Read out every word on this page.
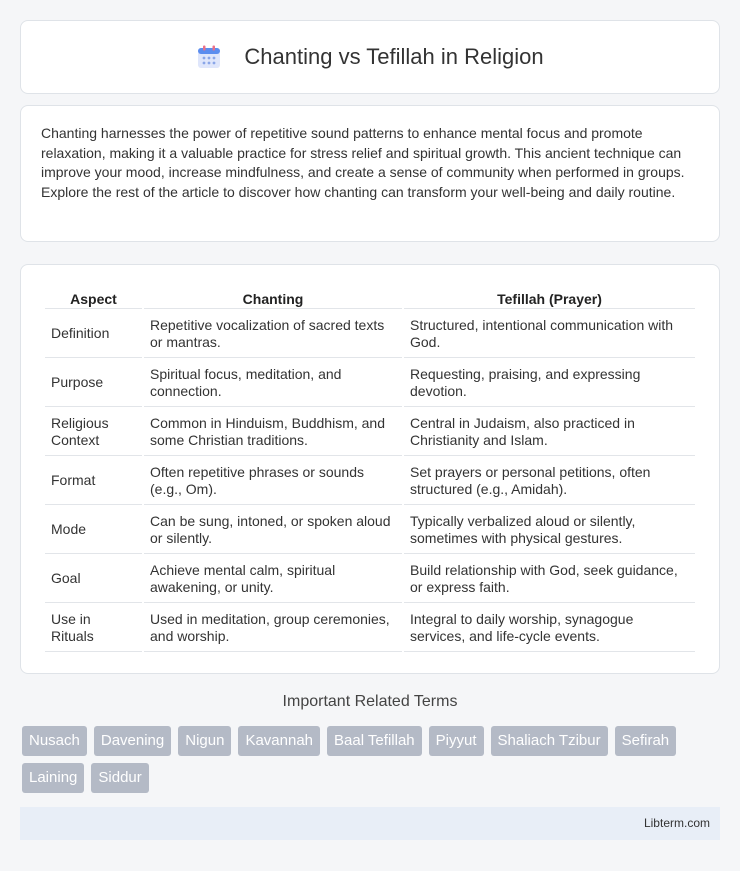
Chanting vs Tefillah in Religion

Chanting harnesses the power of repetitive sound patterns to enhance mental focus and promote relaxation, making it a valuable practice for stress relief and spiritual growth. This ancient technique can improve your mood, increase mindfulness, and create a sense of community when performed in groups. Explore the rest of the article to discover how chanting can transform your well-being and daily routine.

Aspect	Chanting	Tefillah (Prayer)
Definition	Repetitive vocalization of sacred texts or mantras.	Structured, intentional communication with God.
Purpose	Spiritual focus, meditation, and connection.	Requesting, praising, and expressing devotion.
Religious Context	Common in Hinduism, Buddhism, and some Christian traditions.	Central in Judaism, also practiced in Christianity and Islam.
Format	Often repetitive phrases or sounds (e.g., Om).	Set prayers or personal petitions, often structured (e.g., Amidah).
Mode	Can be sung, intoned, or spoken aloud or silently.	Typically verbalized aloud or silently, sometimes with physical gestures.
Goal	Achieve mental calm, spiritual awakening, or unity.	Build relationship with God, seek guidance, or express faith.
Use in Rituals	Used in meditation, group ceremonies, and worship.	Integral to daily worship, synagogue services, and life-cycle events.
Important Related Terms
Nusach	Davening	Nigun	Kavannah	Baal Tefillah	Piyyut	Shaliach Tzibur	Sefirah
Laining	Siddur
Libterm.com
